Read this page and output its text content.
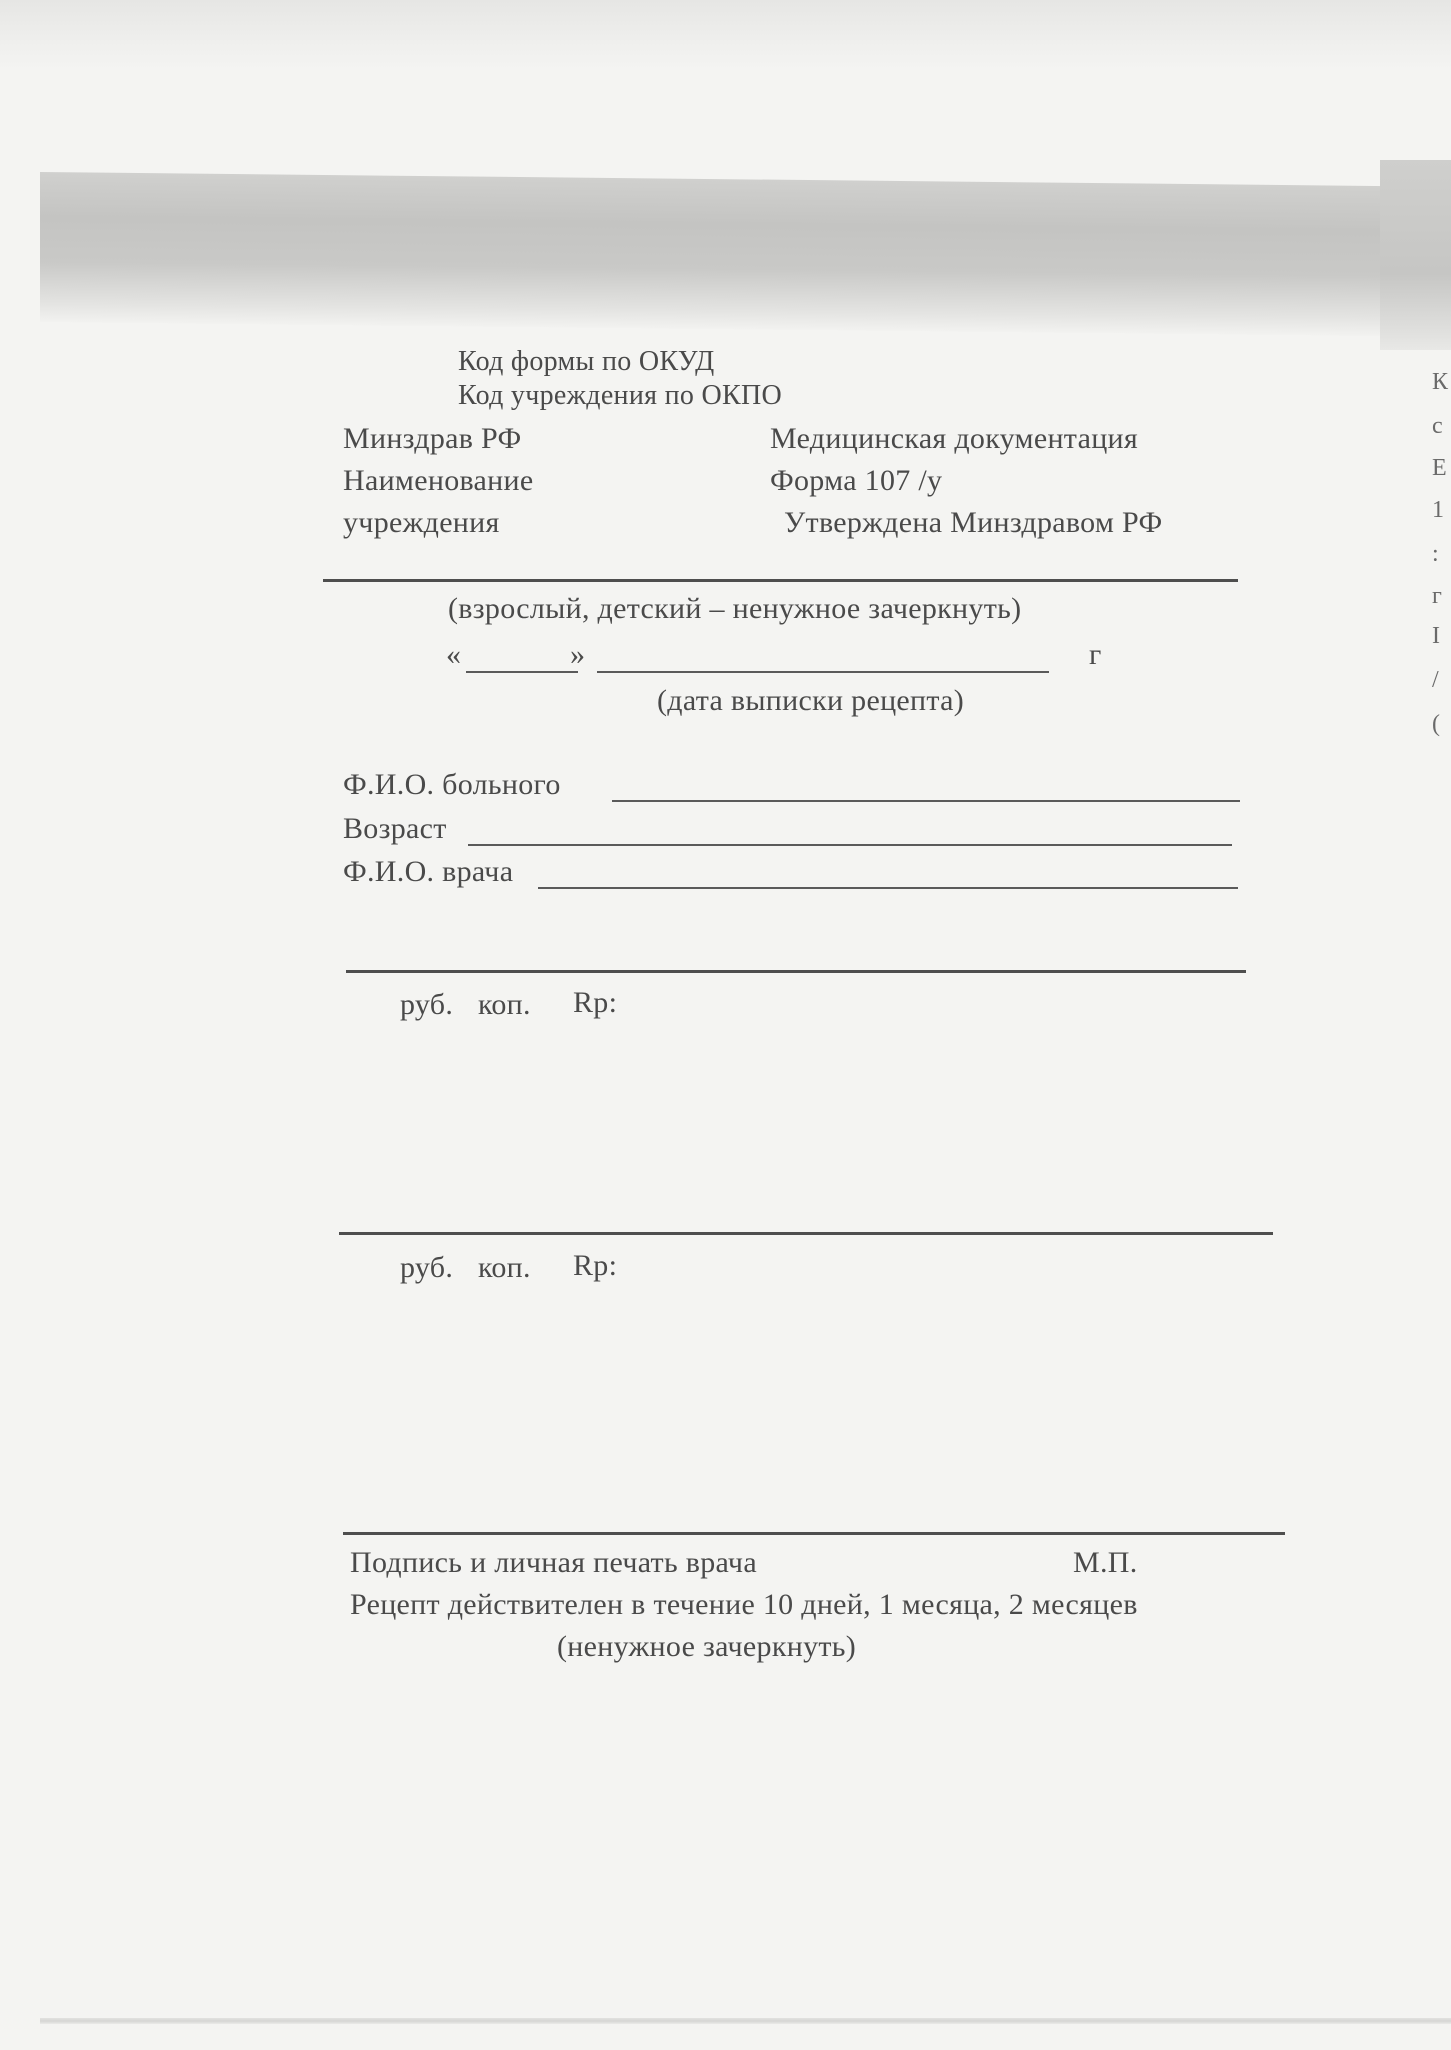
Код формы по ОКУД
Код учреждения по ОКПО
Минздрав РФ
Наименование
учреждения
Медицинская документация
Форма 107 /у
Утверждена Минздравом РФ
(взрослый, детский – ненужное зачеркнуть)
«	»	г
(дата выписки рецепта)
Ф.И.О. больного
Возраст
Ф.И.О. врача
руб. коп. Rp:
руб. коп. Rp:
Подпись и личная печать врача	М.П.
Рецепт действителен в течение 10 дней, 1 месяца, 2 месяцев
(ненужное зачеркнуть)
К
с
Е
1
:
г
I
/
(
